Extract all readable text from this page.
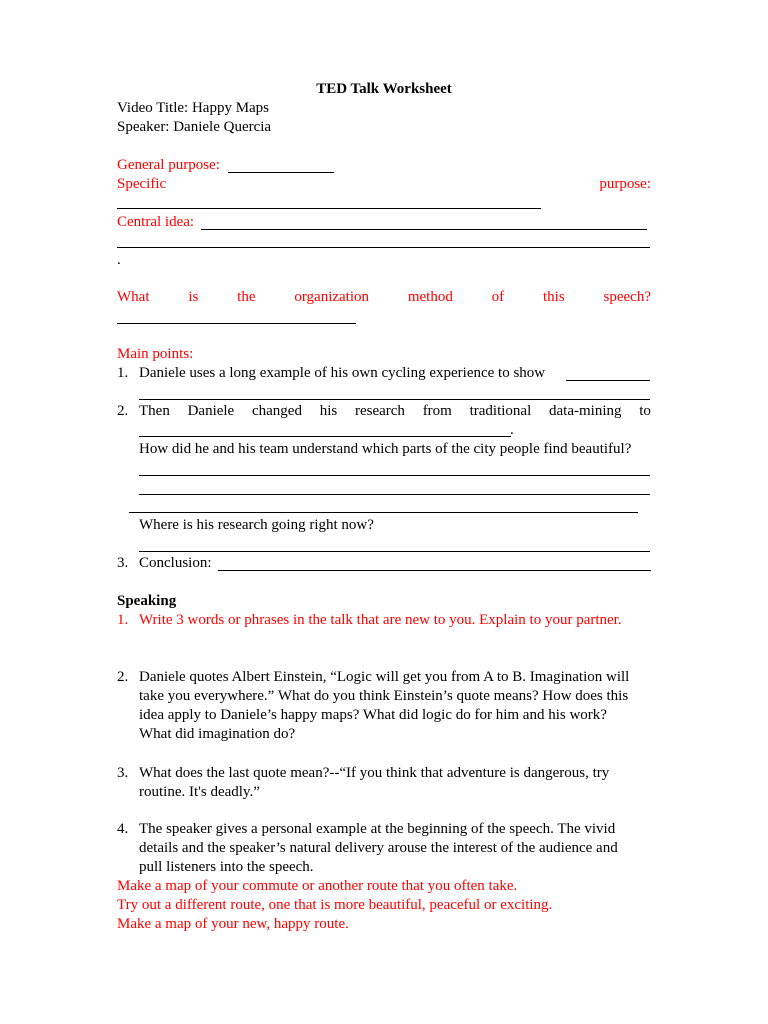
TED Talk Worksheet
Video Title: Happy Maps
Speaker: Daniele Quercia
General purpose:
Specific	purpose:
Central idea:
.
What	is	the	organization	method	of	this	speech?
Main points:
1. Daniele uses a long example of his own cycling experience to show
2. Then Daniele changed his research from traditional data-mining to
.
How did he and his team understand which parts of the city people find beautiful?
Where is his research going right now?
3. Conclusion:
Speaking
1. Write 3 words or phrases in the talk that are new to you. Explain to your partner.
2. Daniele quotes Albert Einstein, “Logic will get you from A to B. Imagination will
take you everywhere.” What do you think Einstein’s quote means? How does this
idea apply to Daniele’s happy maps? What did logic do for him and his work?
What did imagination do?
3. What does the last quote mean?--“If you think that adventure is dangerous, try
routine. It's deadly.”
4. The speaker gives a personal example at the beginning of the speech. The vivid
details and the speaker’s natural delivery arouse the interest of the audience and
pull listeners into the speech.
Make a map of your commute or another route that you often take.
Try out a different route, one that is more beautiful, peaceful or exciting.
Make a map of your new, happy route.
